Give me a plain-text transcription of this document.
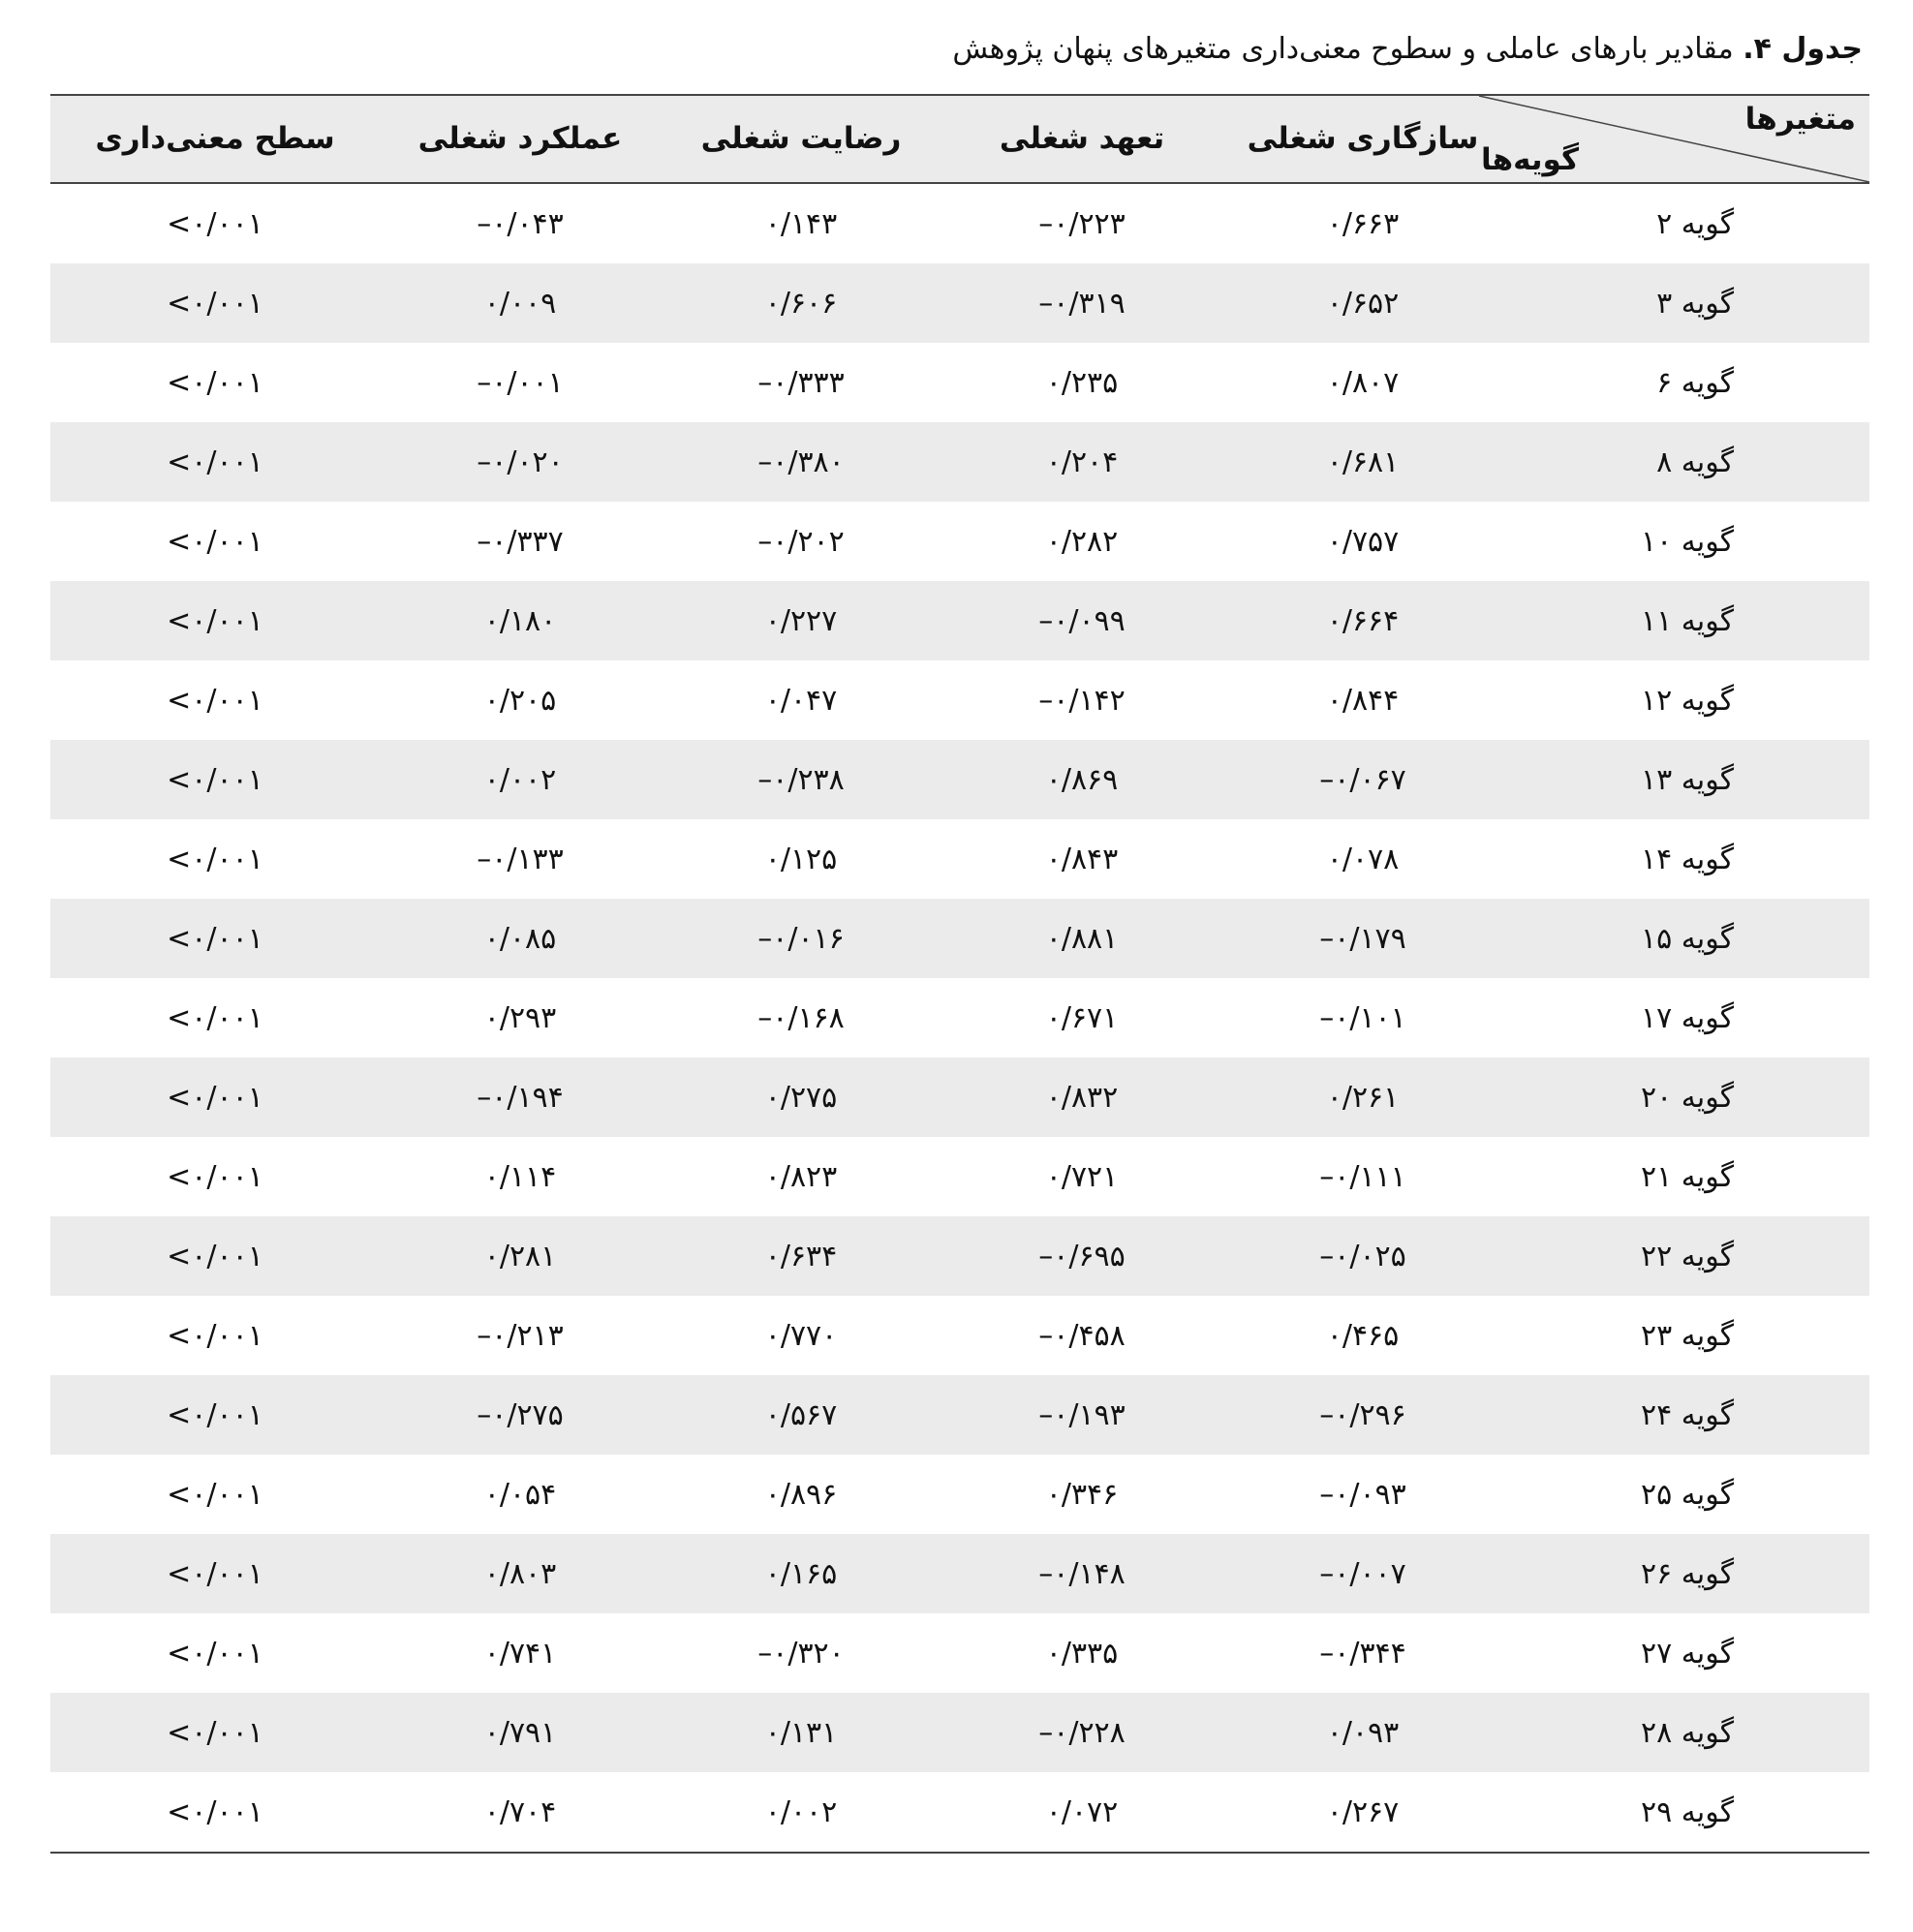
جدول ۴. مقادیر بارهای عاملی و سطوح معنی‌داری متغیرهای پنهان پژوهش
متغیرها
گویه‌ها
سطح معنی‌داری	عملکرد شغلی	رضایت شغلی	تعهد شغلی	سازگاری شغلی
<۰/۰۰۱	–۰/۰۴۳	۰/۱۴۳	–۰/۲۲۳	۰/۶۶۳	گویه ۲
<۰/۰۰۱	۰/۰۰۹	۰/۶۰۶	–۰/۳۱۹	۰/۶۵۲	گویه ۳
<۰/۰۰۱	–۰/۰۰۱	–۰/۳۳۳	۰/۲۳۵	۰/۸۰۷	گویه ۶
<۰/۰۰۱	–۰/۰۲۰	–۰/۳۸۰	۰/۲۰۴	۰/۶۸۱	گویه ۸
<۰/۰۰۱	–۰/۳۳۷	–۰/۲۰۲	۰/۲۸۲	۰/۷۵۷	گویه ۱۰
<۰/۰۰۱	۰/۱۸۰	۰/۲۲۷	–۰/۰۹۹	۰/۶۶۴	گویه ۱۱
<۰/۰۰۱	۰/۲۰۵	۰/۰۴۷	–۰/۱۴۲	۰/۸۴۴	گویه ۱۲
<۰/۰۰۱	۰/۰۰۲	–۰/۲۳۸	۰/۸۶۹	–۰/۰۶۷	گویه ۱۳
<۰/۰۰۱	–۰/۱۳۳	۰/۱۲۵	۰/۸۴۳	۰/۰۷۸	گویه ۱۴
<۰/۰۰۱	۰/۰۸۵	–۰/۰۱۶	۰/۸۸۱	–۰/۱۷۹	گویه ۱۵
<۰/۰۰۱	۰/۲۹۳	–۰/۱۶۸	۰/۶۷۱	–۰/۱۰۱	گویه ۱۷
<۰/۰۰۱	–۰/۱۹۴	۰/۲۷۵	۰/۸۳۲	۰/۲۶۱	گویه ۲۰
<۰/۰۰۱	۰/۱۱۴	۰/۸۲۳	۰/۷۲۱	–۰/۱۱۱	گویه ۲۱
<۰/۰۰۱	۰/۲۸۱	۰/۶۳۴	–۰/۶۹۵	–۰/۰۲۵	گویه ۲۲
<۰/۰۰۱	–۰/۲۱۳	۰/۷۷۰	–۰/۴۵۸	۰/۴۶۵	گویه ۲۳
<۰/۰۰۱	–۰/۲۷۵	۰/۵۶۷	–۰/۱۹۳	–۰/۲۹۶	گویه ۲۴
<۰/۰۰۱	۰/۰۵۴	۰/۸۹۶	۰/۳۴۶	–۰/۰۹۳	گویه ۲۵
<۰/۰۰۱	۰/۸۰۳	۰/۱۶۵	–۰/۱۴۸	–۰/۰۰۷	گویه ۲۶
<۰/۰۰۱	۰/۷۴۱	–۰/۳۲۰	۰/۳۳۵	–۰/۳۴۴	گویه ۲۷
<۰/۰۰۱	۰/۷۹۱	۰/۱۳۱	–۰/۲۲۸	۰/۰۹۳	گویه ۲۸
<۰/۰۰۱	۰/۷۰۴	۰/۰۰۲	۰/۰۷۲	۰/۲۶۷	گویه ۲۹
